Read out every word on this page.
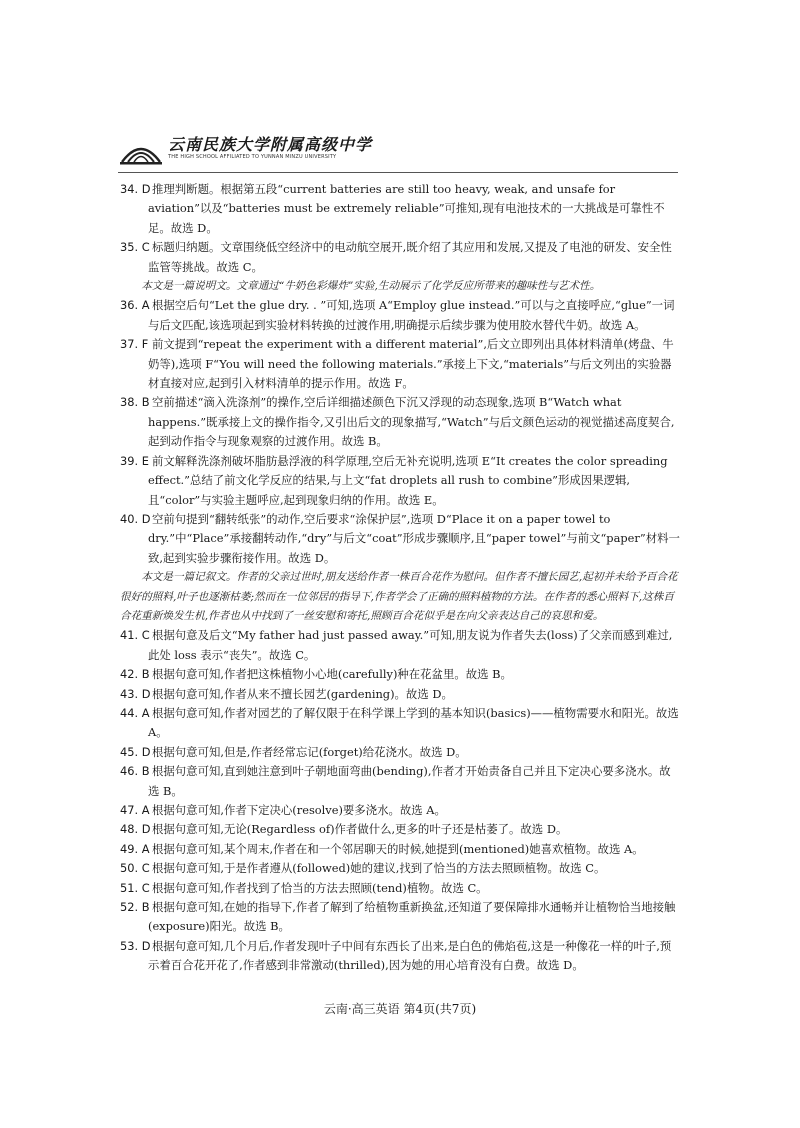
云南民族大学附属高级中学
THE HIGH SCHOOL AFFILIATED TO YUNNAN MINZU UNIVERSITY
34. D推理判断题。根据第五段“current batteries are still too heavy, weak, and unsafe for aviation”以及“batteries must be extremely reliable”可推知,现有电池技术的一大挑战是可靠性不足。故选 D。
35. C 标题归纳题。文章围绕低空经济中的电动航空展开,既介绍了其应用和发展,又提及了电池的研发、安全性监管等挑战。故选 C。

本文是一篇说明文。文章通过“牛奶色彩爆炸”实验,生动展示了化学反应所带来的趣味性与艺术性。

36. A 根据空后句“Let the glue dry. . ”可知,选项 A“Employ glue instead.”可以与之直接呼应,“glue”一词与后文匹配,该选项起到实验材料转换的过渡作用,明确提示后续步骤为使用胶水替代牛奶。故选 A。
37. F 前文提到“repeat the experiment with a different material”,后文立即列出具体材料清单(烤盘、牛奶等),选项 F“You will need the following materials.”承接上下文,“materials”与后文列出的实验器材直接对应,起到引入材料清单的提示作用。故选 F。
38. B 空前描述“滴入洗涤剂”的操作,空后详细描述颜色下沉又浮现的动态现象,选项 B“Watch what happens.”既承接上文的操作指令,又引出后文的现象描写,“Watch”与后文颜色运动的视觉描述高度契合,起到动作指令与现象观察的过渡作用。故选 B。
39. E 前文解释洗涤剂破坏脂肪悬浮液的科学原理,空后无补充说明,选项 E“It creates the color spreading effect.”总结了前文化学反应的结果,与上文“fat droplets all rush to combine”形成因果逻辑,且“color”与实验主题呼应,起到现象归纳的作用。故选 E。
40. D空前句提到“翻转纸张”的动作,空后要求“涂保护层”,选项 D“Place it on a paper towel to dry.”中“Place”承接翻转动作,“dry”与后文“coat”形成步骤顺序,且“paper towel”与前文“paper”材料一致,起到实验步骤衔接作用。故选 D。

本文是一篇记叙文。作者的父亲过世时,朋友送给作者一株百合花作为慰问。但作者不擅长园艺,起初并未给予百合花很好的照料,叶子也逐渐枯萎;然而在一位邻居的指导下,作者学会了正确的照料植物的方法。在作者的悉心照料下,这株百合花重新焕发生机,作者也从中找到了一丝安慰和寄托,照顾百合花似乎是在向父亲表达自己的哀思和爱。

41. C 根据句意及后文“My father had just passed away.”可知,朋友说为作者失去(loss)了父亲而感到难过,此处 loss 表示“丧失”。故选 C。
42. B 根据句意可知,作者把这株植物小心地(carefully)种在花盆里。故选 B。
43. D根据句意可知,作者从来不擅长园艺(gardening)。故选 D。
44. A 根据句意可知,作者对园艺的了解仅限于在科学课上学到的基本知识(basics)——植物需要水和阳光。故选 A。
45. D根据句意可知,但是,作者经常忘记(forget)给花浇水。故选 D。
46. B 根据句意可知,直到她注意到叶子朝地面弯曲(bending),作者才开始责备自己并且下定决心要多浇水。故选 B。
47. A 根据句意可知,作者下定决心(resolve)要多浇水。故选 A。
48. D根据句意可知,无论(Regardless of)作者做什么,更多的叶子还是枯萎了。故选 D。
49. A 根据句意可知,某个周末,作者在和一个邻居聊天的时候,她提到(mentioned)她喜欢植物。故选 A。
50. C 根据句意可知,于是作者遵从(followed)她的建议,找到了恰当的方法去照顾植物。故选 C。
51. C 根据句意可知,作者找到了恰当的方法去照顾(tend)植物。故选 C。
52. B 根据句意可知,在她的指导下,作者了解到了给植物重新换盆,还知道了要保障排水通畅并让植物恰当地接触(exposure)阳光。故选 B。
53. D根据句意可知,几个月后,作者发现叶子中间有东西长了出来,是白色的佛焰苞,这是一种像花一样的叶子,预示着百合花开花了,作者感到非常激动(thrilled),因为她的用心培育没有白费。故选 D。
云南·高三英语 第4页(共7页)
